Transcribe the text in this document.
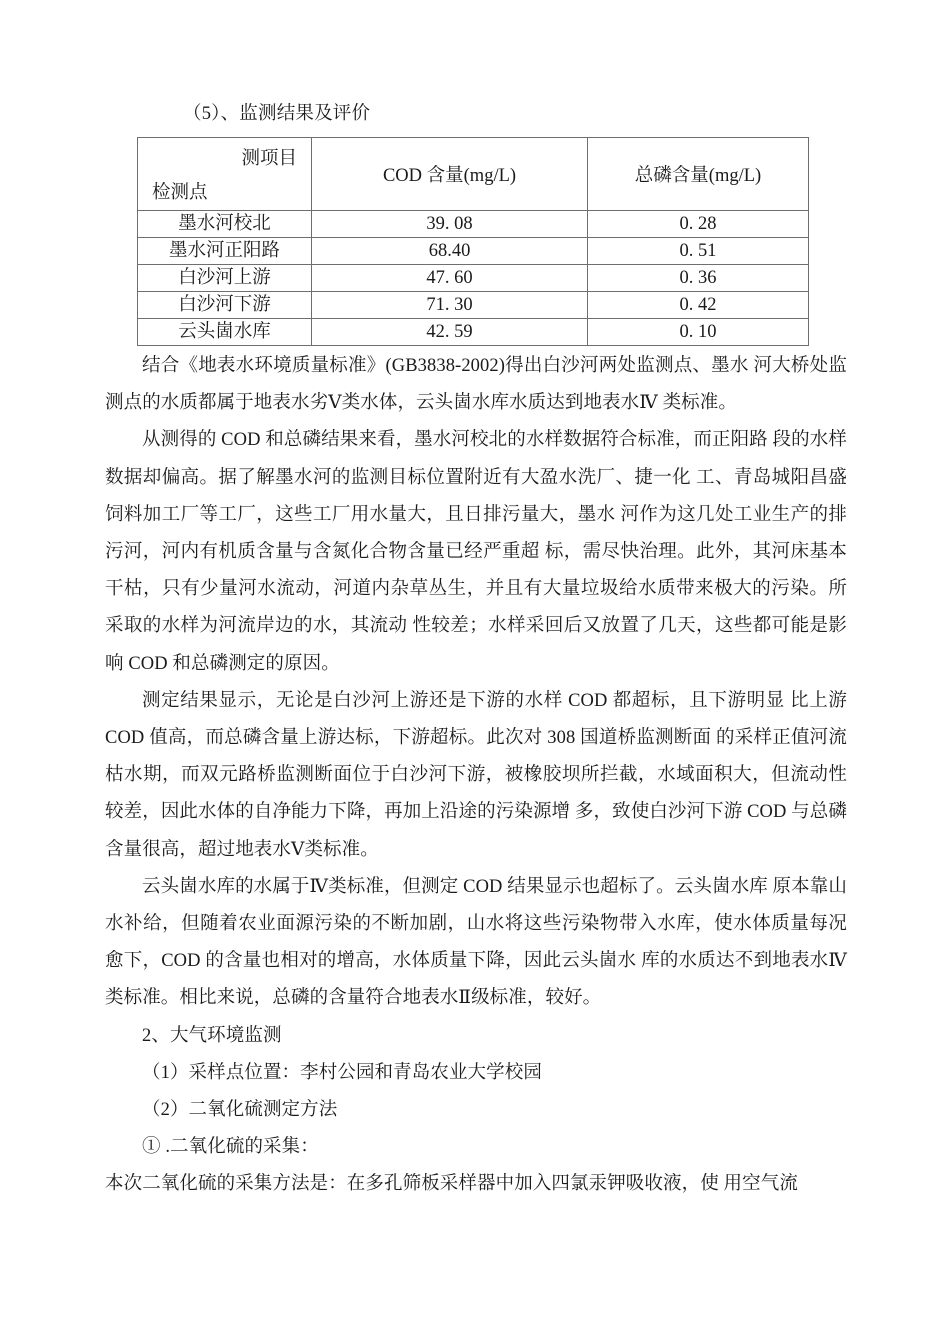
（5）、监测结果及评价
测项目
检测点	COD 含量(mg/L)	总磷含量(mg/L)
墨水河校北	39. 08	0. 28
墨水河正阳路	68.40	0. 51
白沙河上游	47. 60	0. 36
白沙河下游	71. 30	0. 42
云头崮水库	42. 59	0. 10

结合《地表水环境质量标准》(GB3838-2002)得出白沙河两处监测点、墨水 河大桥处监测点的水质都属于地表水劣Ⅴ类水体，云头崮水库水质达到地表水Ⅳ 类标准。

从测得的 COD 和总磷结果来看，墨水河校北的水样数据符合标准，而正阳路 段的水样数据却偏高。据了解墨水河的监测目标位置附近有大盈水洗厂、捷一化 工、青岛城阳昌盛饲料加工厂等工厂，这些工厂用水量大，且日排污量大，墨水 河作为这几处工业生产的排污河，河内有机质含量与含氮化合物含量已经严重超 标，需尽快治理。此外，其河床基本干枯，只有少量河水流动，河道内杂草丛生，并且有大量垃圾给水质带来极大的污染。所采取的水样为河流岸边的水，其流动 性较差；水样采回后又放置了几天，这些都可能是影响 COD 和总磷测定的原因。

测定结果显示，无论是白沙河上游还是下游的水样 COD 都超标，且下游明显 比上游 COD 值高，而总磷含量上游达标，下游超标。此次对 308 国道桥监测断面 的采样正值河流枯水期，而双元路桥监测断面位于白沙河下游，被橡胶坝所拦截，水域面积大，但流动性较差，因此水体的自净能力下降，再加上沿途的污染源增 多，致使白沙河下游 COD 与总磷含量很高，超过地表水Ⅴ类标准。

云头崮水库的水属于Ⅳ类标准，但测定 COD 结果显示也超标了。云头崮水库 原本靠山水补给，但随着农业面源污染的不断加剧，山水将这些污染物带入水库，使水体质量每况愈下，COD 的含量也相对的增高，水体质量下降，因此云头崮水 库的水质达不到地表水Ⅳ类标准。相比来说，总磷的含量符合地表水Ⅱ级标准，较好。

2、大气环境监测

（1）采样点位置：李村公园和青岛农业大学校园

（2）二氧化硫测定方法

① .二氧化硫的采集：

本次二氧化硫的采集方法是：在多孔筛板采样器中加入四氯汞钾吸收液，使 用空气流
